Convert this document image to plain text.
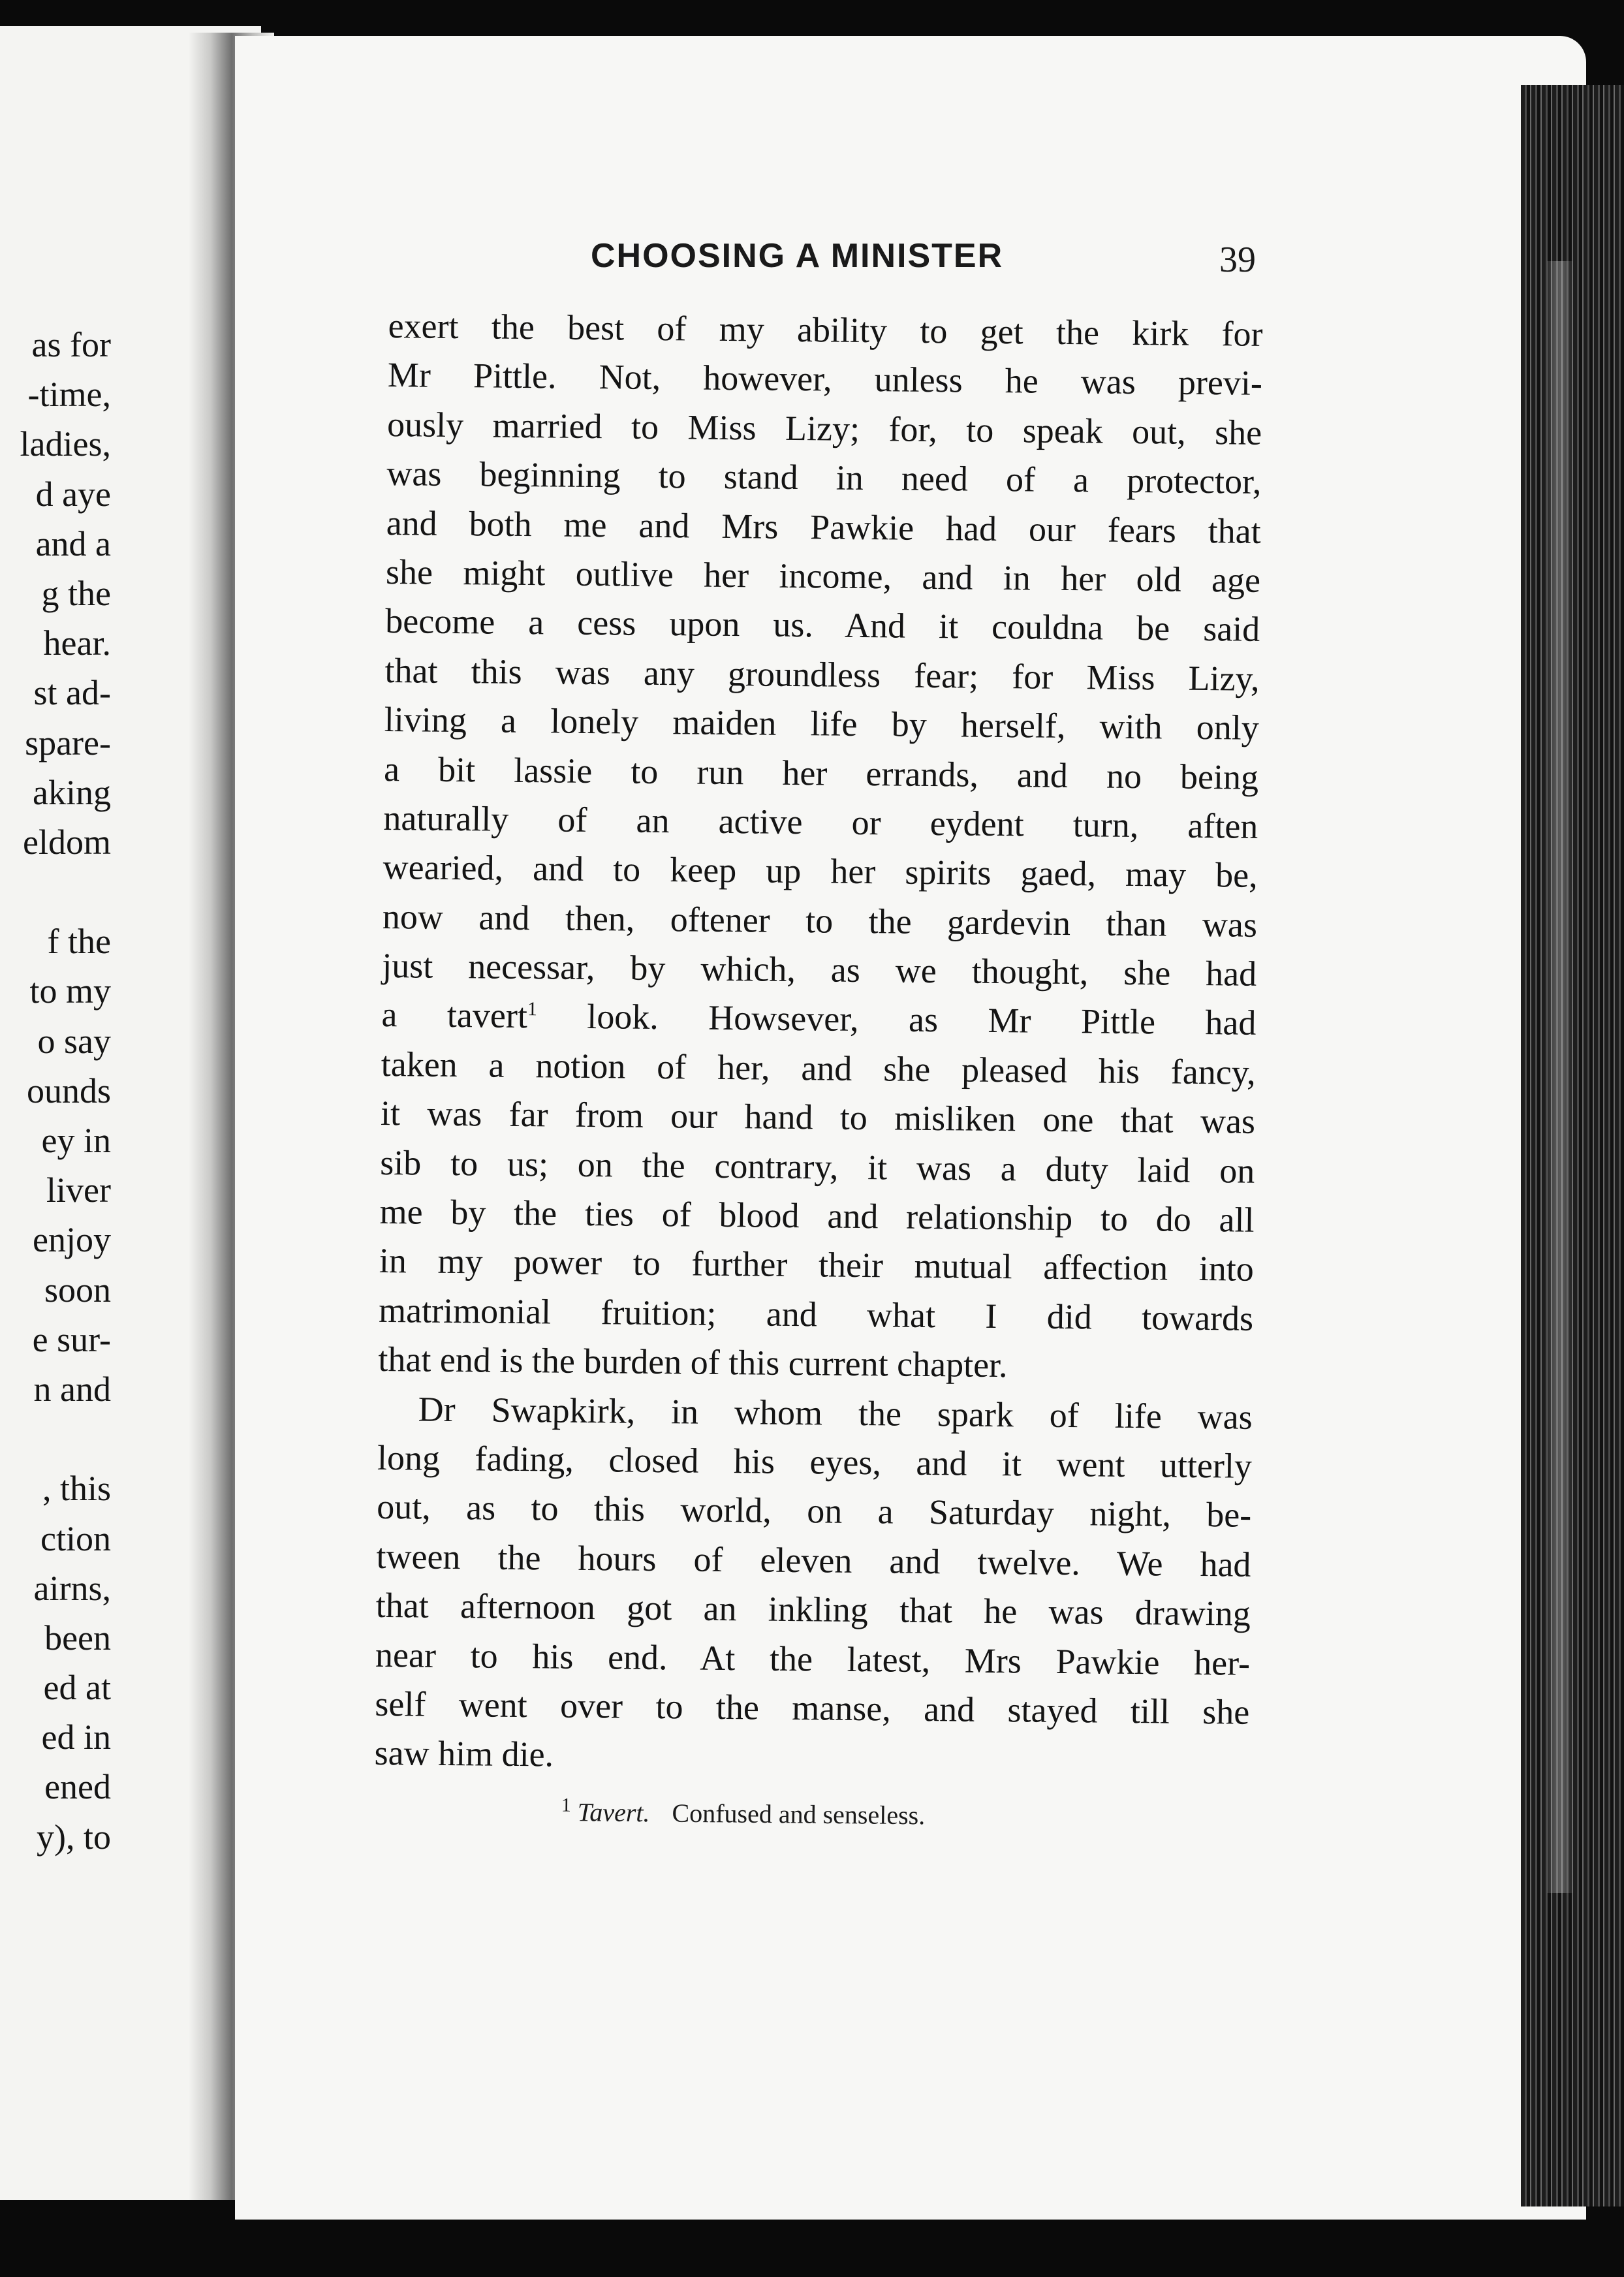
as for
-time,
ladies,
d aye
and a
g the
hear.
st ad-
spare-
aking
eldom
f the
to my
o say
ounds
ey in
liver
enjoy
soon
e sur-
n and
, this
ction
airns,
been
ed at
ed in
ened
y), to
CHOOSING A MINISTER	39
exert the best of my ability to get the kirk for
Mr Pittle. Not, however, unless he was previ-
ously married to Miss Lizy; for, to speak out, she
was beginning to stand in need of a protector,
and both me and Mrs Pawkie had our fears that
she might outlive her income, and in her old age
become a cess upon us. And it couldna be said
that this was any groundless fear; for Miss Lizy,
living a lonely maiden life by herself, with only
a bit lassie to run her errands, and no being
naturally of an active or eydent turn, aften
wearied, and to keep up her spirits gaed, may be,
now and then, oftener to the gardevin than was
just necessar, by which, as we thought, she had
a tavert$^1$ look. Howsever, as Mr Pittle had
taken a notion of her, and she pleased his fancy,
it was far from our hand to misliken one that was
sib to us; on the contrary, it was a duty laid on
me by the ties of blood and relationship to do all
in my power to further their mutual affection into
matrimonial fruition; and what I did towards
that end is the burden of this current chapter.
Dr Swapkirk, in whom the spark of life was
long fading, closed his eyes, and it went utterly
out, as to this world, on a Saturday night, be-
tween the hours of eleven and twelve. We had
that afternoon got an inkling that he was drawing
near to his end. At the latest, Mrs Pawkie her-
self went over to the manse, and stayed till she
saw him die.
$^1$ Tavert. Confused and senseless.
